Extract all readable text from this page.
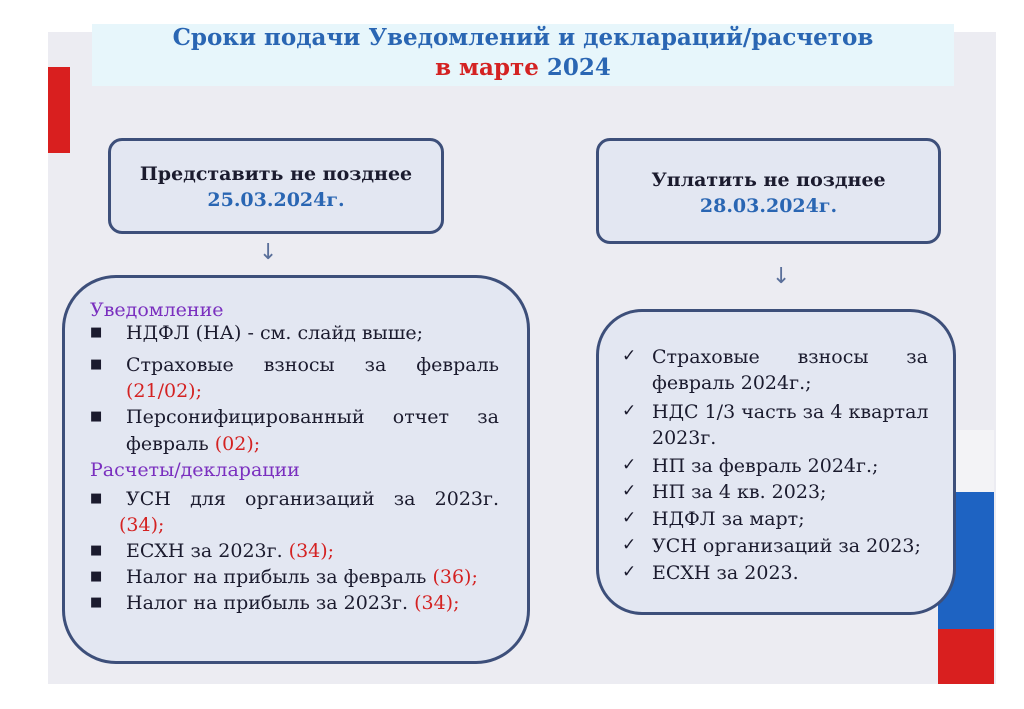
Сроки подачи Уведомлений и деклараций/расчетов
в марте 2024
Представить не позднее
25.03.2024г.
Уплатить не позднее
28.03.2024г.
↓
↓
Уведомление
■ НДФЛ (НА) - см. слайд выше;
■ Страховые взносы за февраль
(21/02);
■ Персонифицированный отчет за
февраль (02);
Расчеты/декларации
■ УСН для организаций за 2023г.
(34);
■ ЕСХН за 2023г. (34);
■ Налог на прибыль за февраль (36);
■ Налог на прибыль за 2023г. (34);
✓ Страховые взносы за
февраль 2024г.;
✓ НДС 1/3 часть за 4 квартал
2023г.
✓ НП за февраль 2024г.;
✓ НП за 4 кв. 2023;
✓ НДФЛ за март;
✓ УСН организаций за 2023;
✓ ЕСХН за 2023.
